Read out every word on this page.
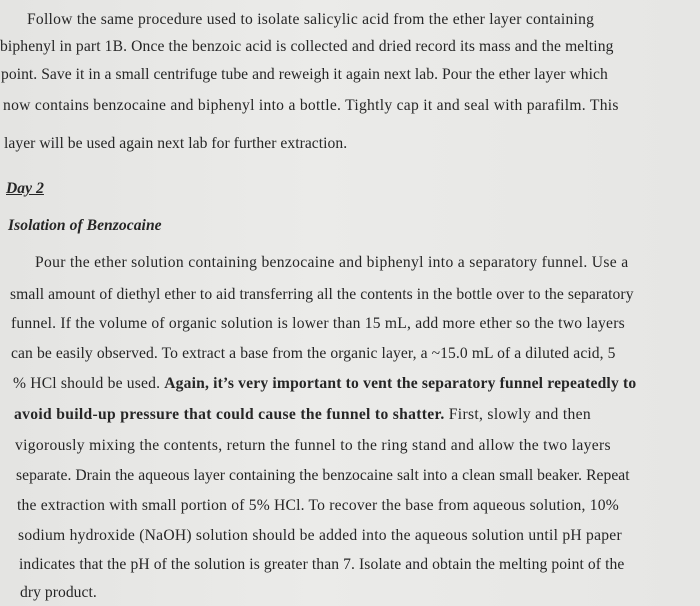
Follow the same procedure used to isolate salicylic acid from the ether layer containing
biphenyl in part 1B. Once the benzoic acid is collected and dried record its mass and the melting
point. Save it in a small centrifuge tube and reweigh it again next lab. Pour the ether layer which
now contains benzocaine and biphenyl into a bottle. Tightly cap it and seal with parafilm. This
layer will be used again next lab for further extraction.
Day 2
Isolation of Benzocaine
Pour the ether solution containing benzocaine and biphenyl into a separatory funnel. Use a
small amount of diethyl ether to aid transferring all the contents in the bottle over to the separatory
funnel. If the volume of organic solution is lower than 15 mL, add more ether so the two layers
can be easily observed. To extract a base from the organic layer, a ~15.0 mL of a diluted acid, 5
% HCl should be used. Again, it’s very important to vent the separatory funnel repeatedly to
avoid build-up pressure that could cause the funnel to shatter. First, slowly and then
vigorously mixing the contents, return the funnel to the ring stand and allow the two layers
separate. Drain the aqueous layer containing the benzocaine salt into a clean small beaker. Repeat
the extraction with small portion of 5% HCl. To recover the base from aqueous solution, 10%
sodium hydroxide (NaOH) solution should be added into the aqueous solution until pH paper
indicates that the pH of the solution is greater than 7. Isolate and obtain the melting point of the
dry product.
